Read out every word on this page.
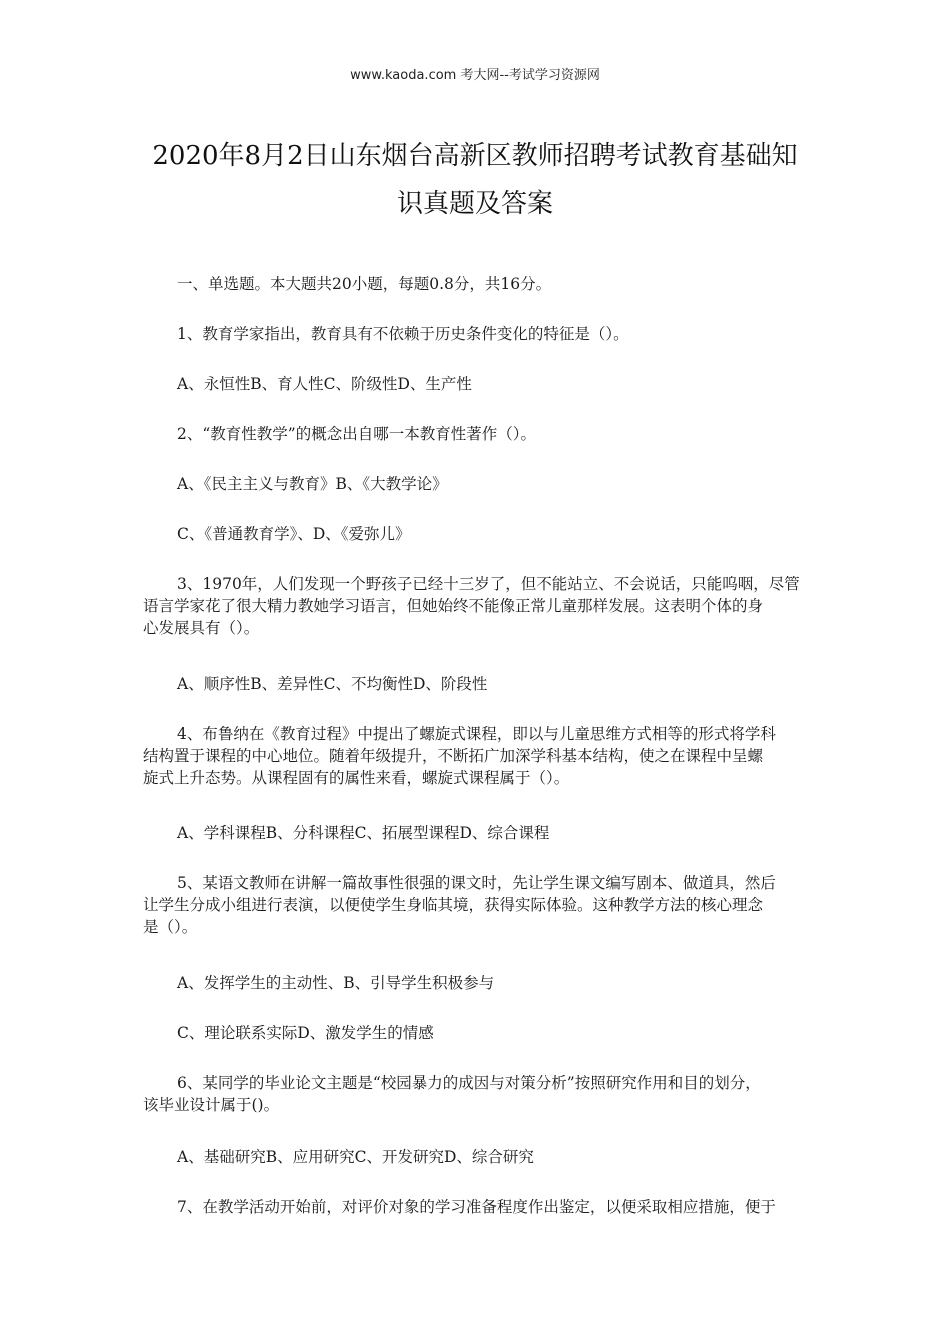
www.kaoda.com 考大网--考试学习资源网
2020年8月2日山东烟台高新区教师招聘考试教育基础知
识真题及答案
一、单选题。本大题共20小题，每题0.8分，共16分。
1、教育学家指出，教育具有不依赖于历史条件变化的特征是（）。
A、永恒性B、育人性C、阶级性D、生产性
2、“教育性教学”的概念出自哪一本教育性著作（）。
A、《民主主义与教育》B、《大教学论》
C、《普通教育学》、D、《爱弥儿》
3、1970年，人们发现一个野孩子已经十三岁了，但不能站立、不会说话，只能呜咽，尽管
语言学家花了很大精力教她学习语言，但她始终不能像正常儿童那样发展。这表明个体的身
心发展具有（）。
A、顺序性B、差异性C、不均衡性D、阶段性
4、布鲁纳在《教育过程》中提出了螺旋式课程，即以与儿童思维方式相等的形式将学科
结构置于课程的中心地位。随着年级提升，不断拓广加深学科基本结构，使之在课程中呈螺
旋式上升态势。从课程固有的属性来看，螺旋式课程属于（）。
A、学科课程B、分科课程C、拓展型课程D、综合课程
5、某语文教师在讲解一篇故事性很强的课文时，先让学生课文编写剧本、做道具，然后
让学生分成小组进行表演，以便使学生身临其境，获得实际体验。这种教学方法的核心理念
是（）。
A、发挥学生的主动性、B、引导学生积极参与
C、理论联系实际D、激发学生的情感
6、某同学的毕业论文主题是“校园暴力的成因与对策分析”按照研究作用和目的划分，
该毕业设计属于()。
A、基础研究B、应用研究C、开发研究D、综合研究
7、在教学活动开始前，对评价对象的学习准备程度作出鉴定，以便采取相应措施，便于
